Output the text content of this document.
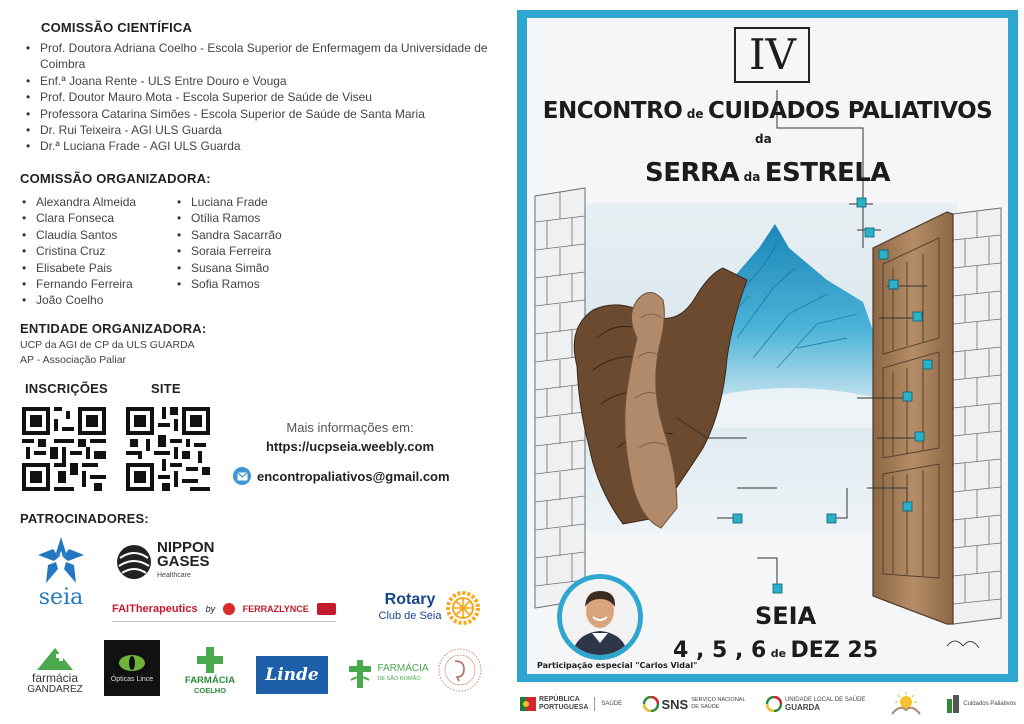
COMISSÃO CIENTÍFICA
• Prof. Doutora Adriana Coelho - Escola Superior de Enfermagem da Universidade de Coimbra
• Enf.ª Joana Rente - ULS Entre Douro e Vouga
• Prof. Doutor Mauro Mota - Escola Superior de Saúde de Viseu
• Professora Catarina Simões - Escola Superior de Saúde de Santa Maria
• Dr. Rui Teixeira - AGI ULS Guarda
• Dr.ª Luciana Frade - AGI ULS Guarda
COMISSÃO ORGANIZADORA:
• Alexandra Almeida
• Clara Fonseca
• Claudia Santos
• Cristina Cruz
• Elisabete Pais
• Fernando Ferreira
• João Coelho
• Luciana Frade
• Otília Ramos
• Sandra Sacarrão
• Soraia Ferreira
• Susana Simão
• Sofia Ramos
ENTIDADE ORGANIZADORA:
UCP da AGI de CP da ULS GUARDA
AP - Associação Paliar
INSCRIÇÕES	SITE
Mais informações em:
https://ucpseia.weebly.com
encontropaliativos@gmail.com
PATROCINADORES:
seia
NIPPON
GASES
Healthcare
FAITherapeutics by	FERRAZLYNCE
Rotary
Club de Seia
farmácia
GANDAREZ
Ópticas Lince	FARMÁCIA
COELHO
Linde	FARMÁCIA
DE SÃO ROMÃO
IV
ENCONTRO de CUIDADOS PALIATIVOS
da
SERRA da ESTRELA
Participação especial "Carlos Vidal"
SEIA
4 , 5 , 6 de DEZ 25
REPÚBLICA
PORTUGUESA SAÚDE	SNS SERVIÇO NACIONAL
DE SAÚDE
UNIDADE LOCAL DE SAÚDE
GUARDA	Cuidados Paliativos
